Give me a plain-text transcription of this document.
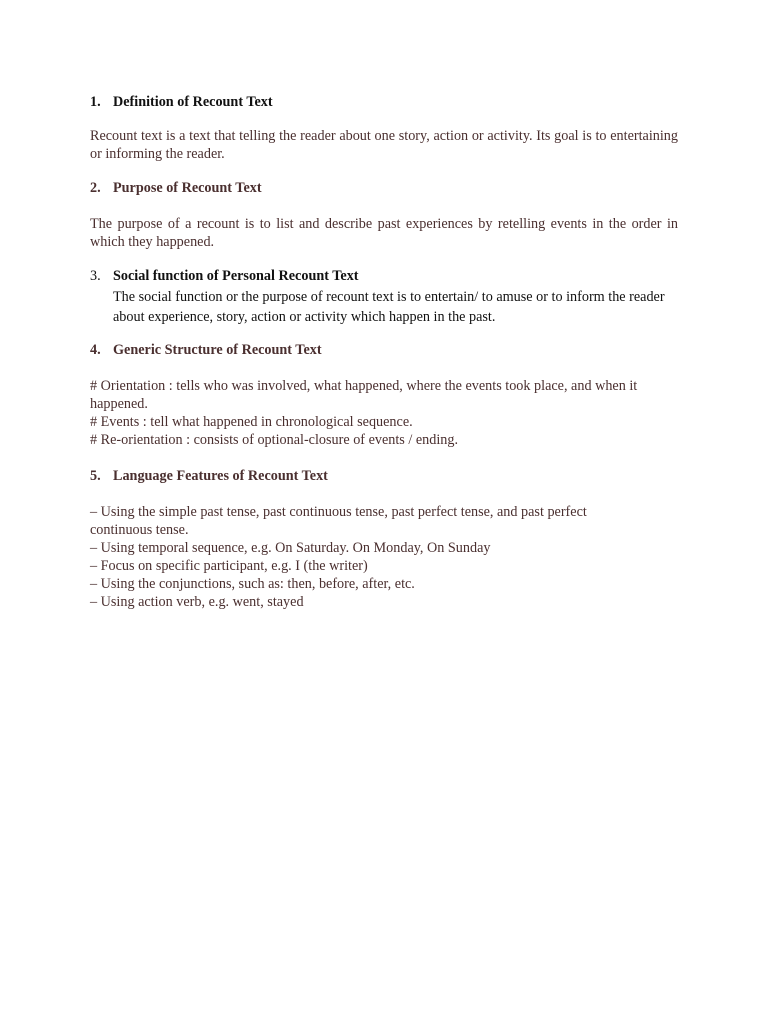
1. Definition of Recount Text

Recount text is a text that telling the reader about one story, action or activity. Its goal is to entertaining or informing the reader.

2. Purpose of Recount Text

The purpose of a recount is to list and describe past experiences by retelling events in the order in which they happened.

3. Social function of Personal Recount Text

The social function or the purpose of recount text is to entertain/ to amuse or to inform the reader about experience, story, action or activity which happen in the past.

4. Generic Structure of Recount Text
# Orientation : tells who was involved, what happened, where the events took place, and when it happened.
# Events : tell what happened in chronological sequence.
# Re-orientation : consists of optional-closure of events / ending.
5. Language Features of Recount Text
– Using the simple past tense, past continuous tense, past perfect tense, and past perfect continuous tense.
– Using temporal sequence, e.g. On Saturday. On Monday, On Sunday
– Focus on specific participant, e.g. I (the writer)
– Using the conjunctions, such as: then, before, after, etc.
– Using action verb, e.g. went, stayed
